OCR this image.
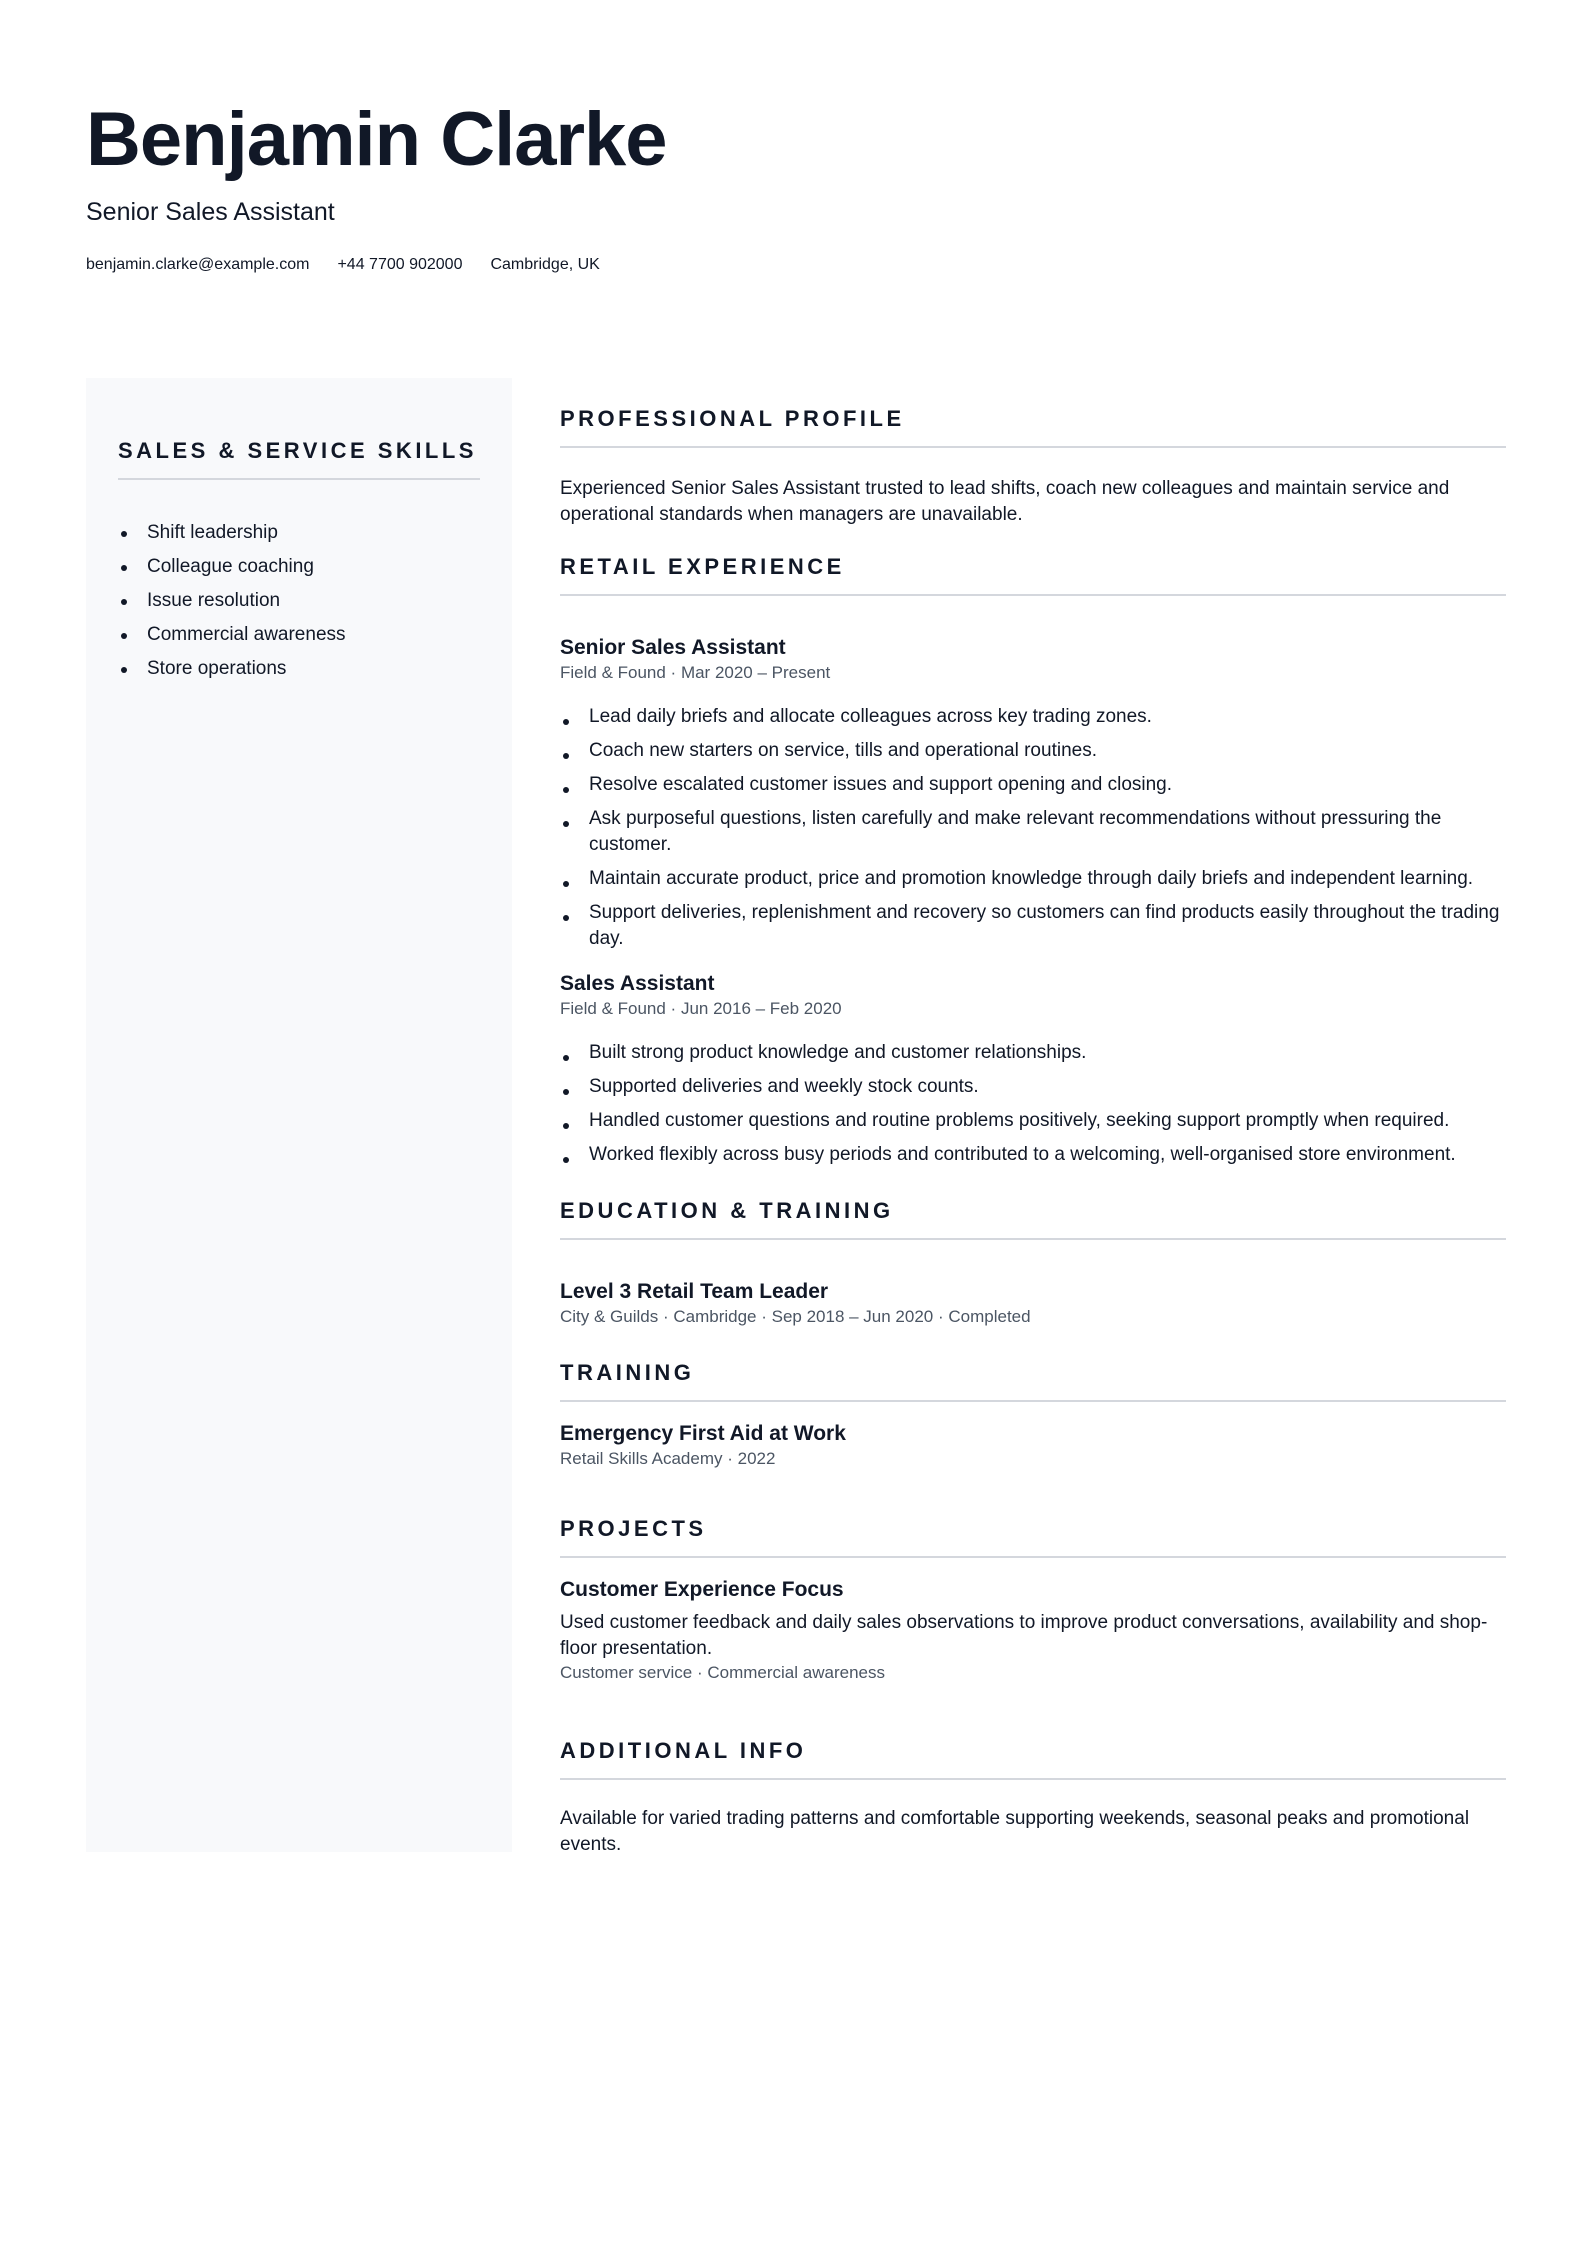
Benjamin Clarke

Senior Sales Assistant

benjamin.clarke@example.com +44 7700 902000 Cambridge, UK
SALES & SERVICE SKILLS
Shift leadership
Colleague coaching
Issue resolution
Commercial awareness
Store operations
PROFESSIONAL PROFILE

Experienced Senior Sales Assistant trusted to lead shifts, coach new colleagues and maintain service and operational standards when managers are unavailable.

RETAIL EXPERIENCE

Senior Sales Assistant

Field & Found · Mar 2020 – Present

Lead daily briefs and allocate colleagues across key trading zones.
Coach new starters on service, tills and operational routines.
Resolve escalated customer issues and support opening and closing.
Ask purposeful questions, listen carefully and make relevant recommendations without pressuring the customer.
Maintain accurate product, price and promotion knowledge through daily briefs and independent learning.
Support deliveries, replenishment and recovery so customers can find products easily throughout the trading day.

Sales Assistant

Field & Found · Jun 2016 – Feb 2020

Built strong product knowledge and customer relationships.
Supported deliveries and weekly stock counts.
Handled customer questions and routine problems positively, seeking support promptly when required.
Worked flexibly across busy periods and contributed to a welcoming, well-organised store environment.
EDUCATION & TRAINING

Level 3 Retail Team Leader

City & Guilds · Cambridge · Sep 2018 – Jun 2020 · Completed

TRAINING

Emergency First Aid at Work

Retail Skills Academy · 2022

PROJECTS

Customer Experience Focus

Used customer feedback and daily sales observations to improve product conversations, availability and shop-floor presentation.

Customer service · Commercial awareness

ADDITIONAL INFO

Available for varied trading patterns and comfortable supporting weekends, seasonal peaks and promotional events.
